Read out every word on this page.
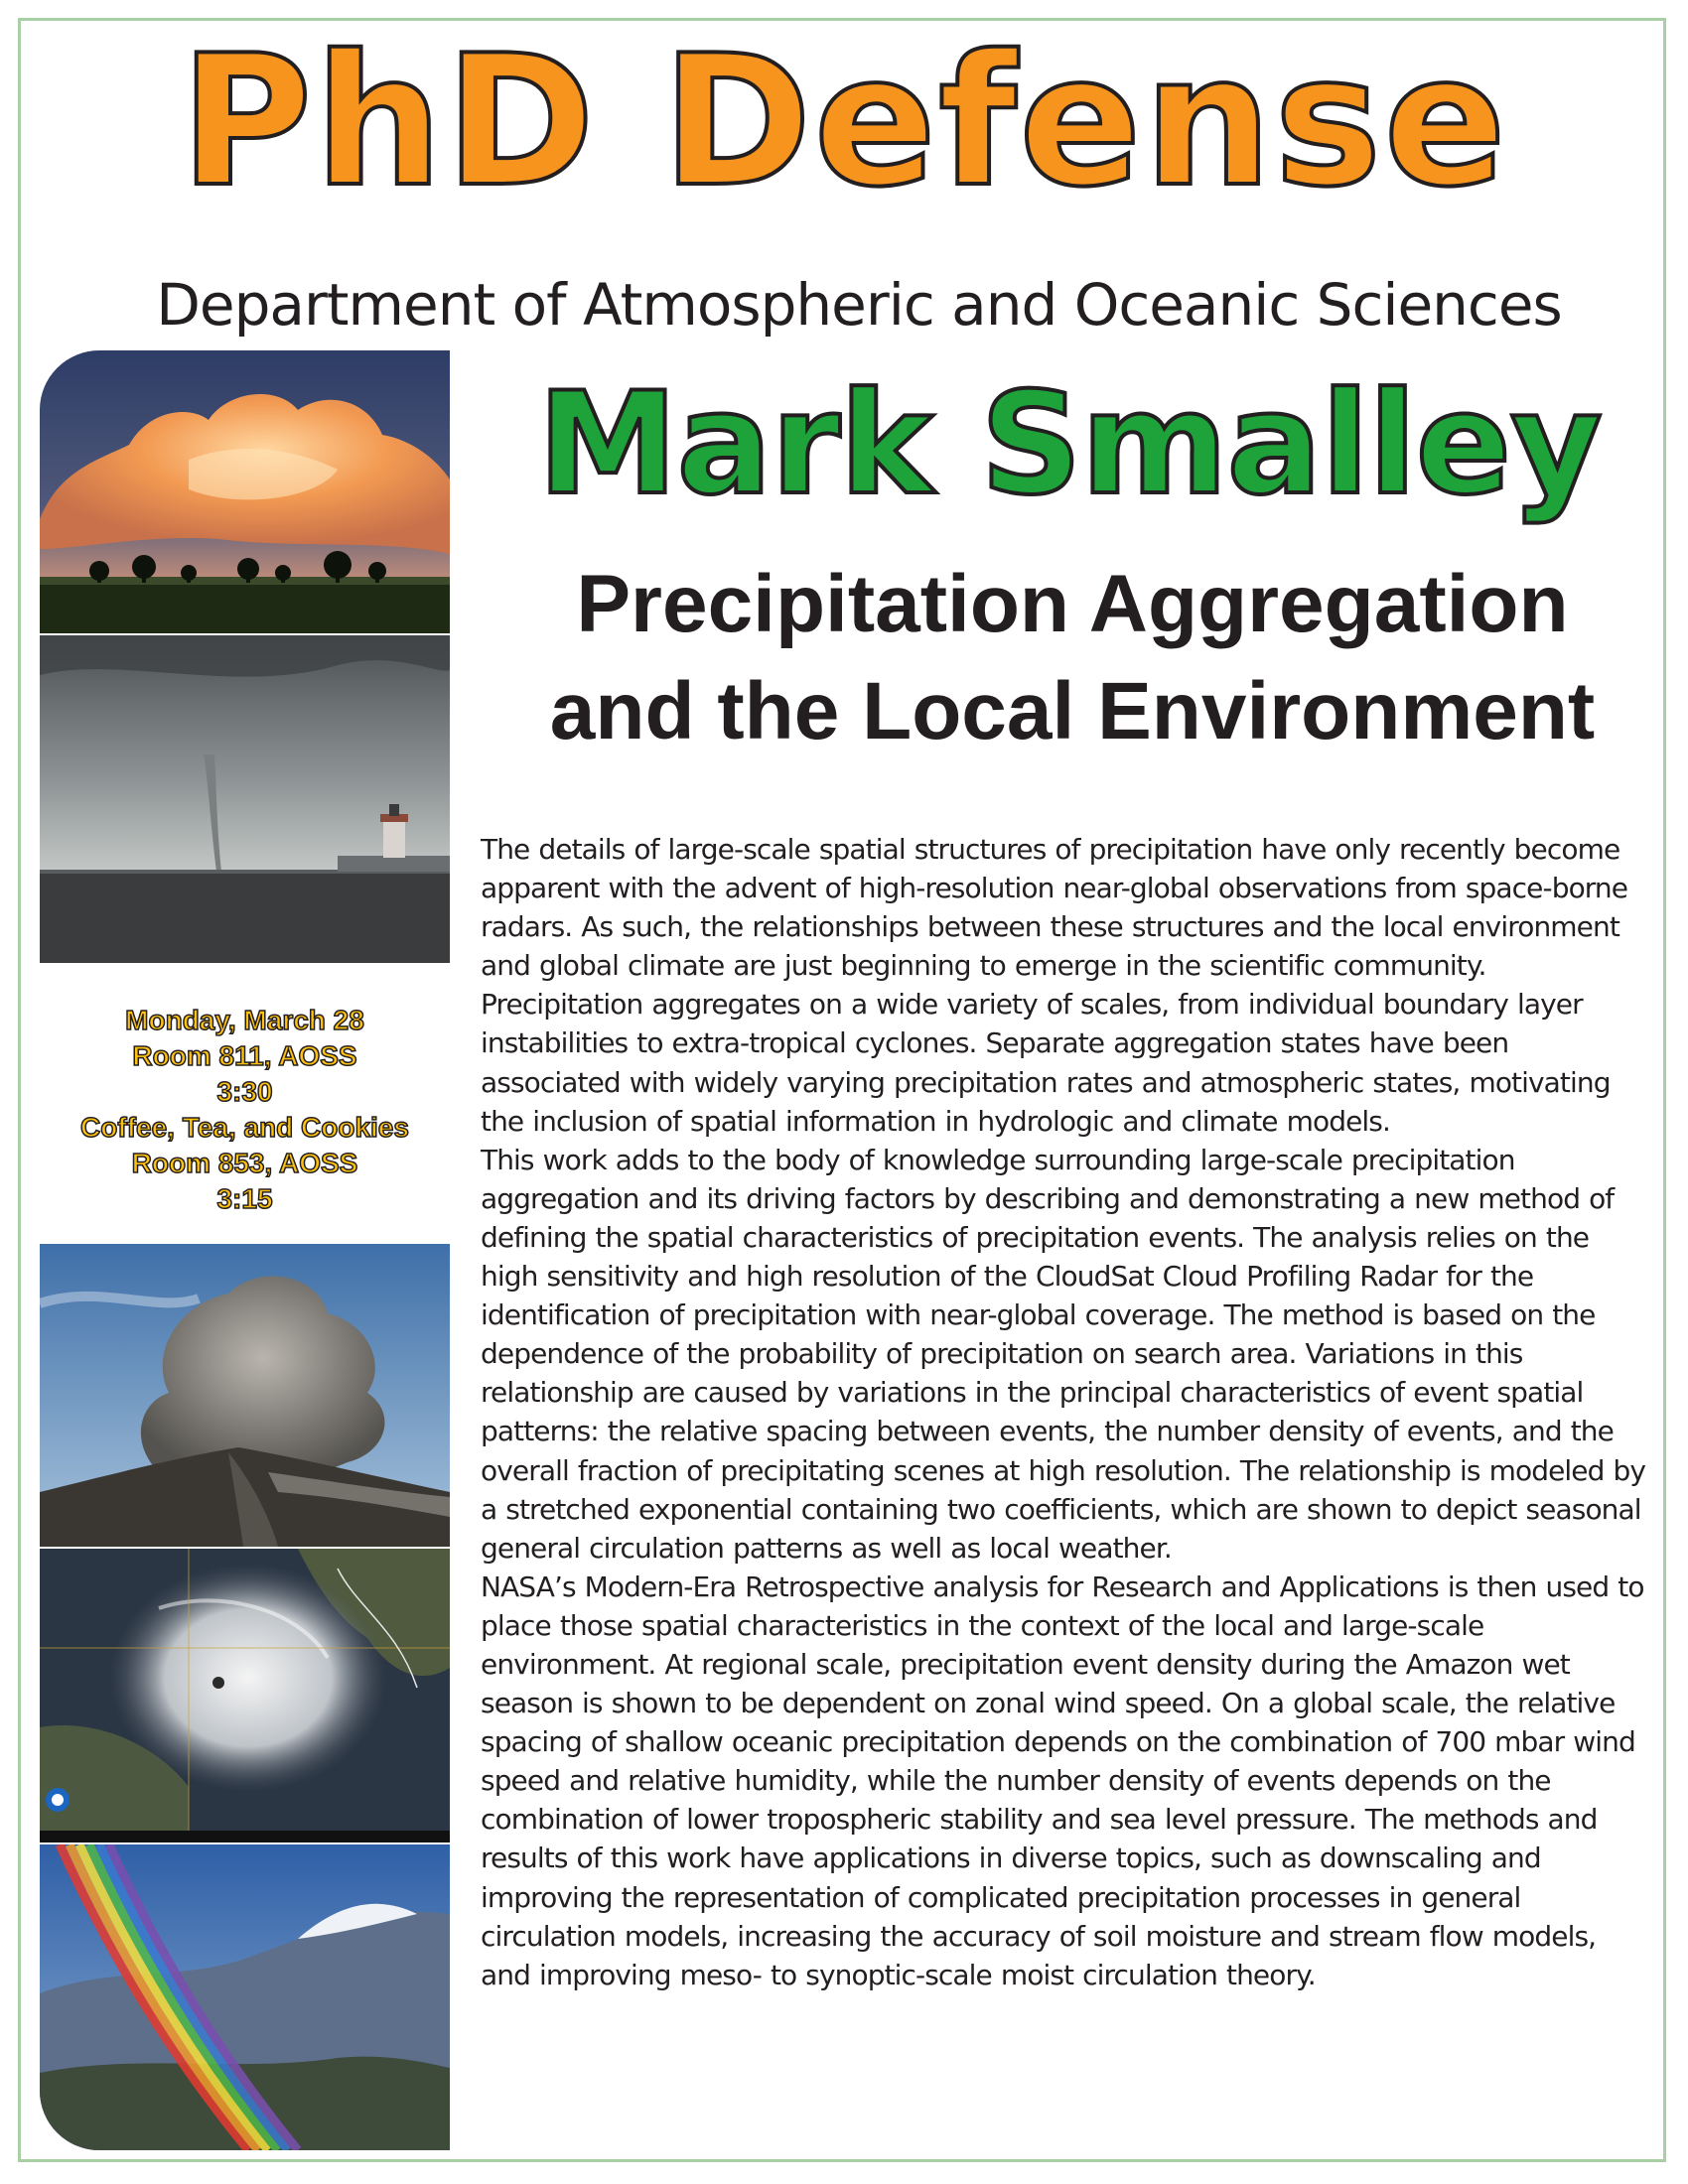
PhD Defense
Department of Atmospheric and Oceanic Sciences
Mark Smalley
Precipitation Aggregation
and the Local Environment
Monday, March 28
Room 811, AOSS
3:30
Coffee, Tea, and Cookies
Room 853, AOSS
3:15

The details of large-scale spatial structures of precipitation have only recently become apparent with the advent of high-resolution near-global observations from space-borne radars. As such, the relationships between these structures and the local environment and global climate are just beginning to emerge in the scientific community. Precipitation aggregates on a wide variety of scales, from individual boundary layer instabilities to extra-tropical cyclones. Separate aggregation states have been associated with widely varying precipitation rates and atmospheric states, motivating the inclusion of spatial information in hydrologic and climate models.

This work adds to the body of knowledge surrounding large-scale precipitation aggregation and its driving factors by describing and demonstrating a new method of defining the spatial characteristics of precipitation events. The analysis relies on the high sensitivity and high resolution of the CloudSat Cloud Profiling Radar for the identification of precipitation with near-global coverage. The method is based on the dependence of the probability of precipitation on search area. Variations in this relationship are caused by variations in the principal characteristics of event spatial patterns: the relative spacing between events, the number density of events, and the overall fraction of precipitating scenes at high resolution. The relationship is modeled by a stretched exponential containing two coefficients, which are shown to depict seasonal general circulation patterns as well as local weather.

NASA’s Modern-Era Retrospective analysis for Research and Applications is then used to place those spatial characteristics in the context of the local and large-scale environment. At regional scale, precipitation event density during the Amazon wet season is shown to be dependent on zonal wind speed. On a global scale, the relative spacing of shallow oceanic precipitation depends on the combination of 700 mbar wind speed and relative humidity, while the number density of events depends on the combination of lower tropospheric stability and sea level pressure. The methods and results of this work have applications in diverse topics, such as downscaling and improving the representation of complicated precipitation processes in general circulation models, increasing the accuracy of soil moisture and stream flow models, and improving meso- to synoptic-scale moist circulation theory.
